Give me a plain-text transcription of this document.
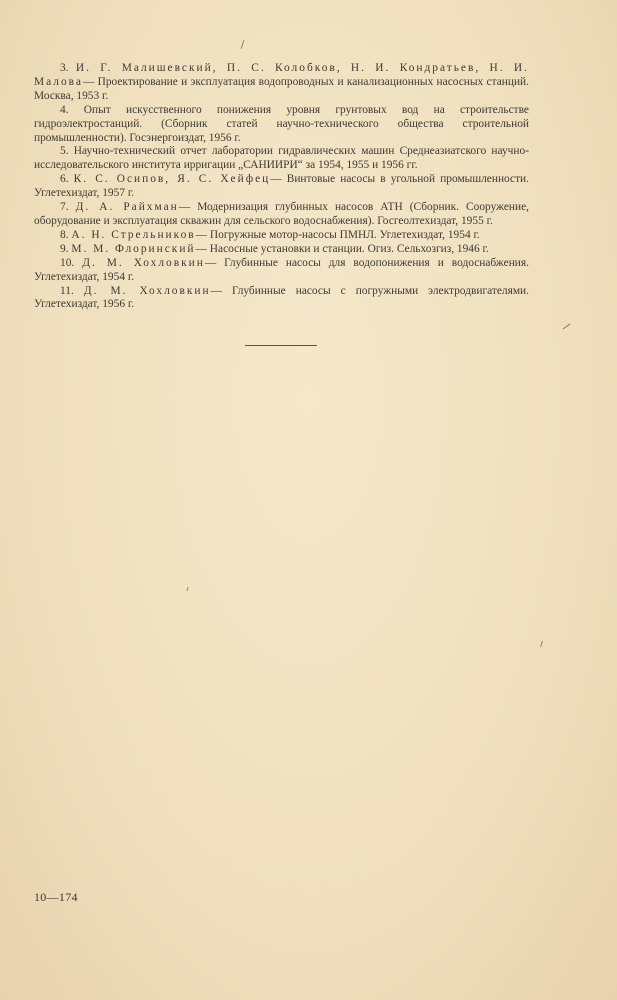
3. И. Г. Малишевский, П. С. Колобков, Н. И. Кондратьев, Н. И. Малова— Проектирование и эксплуатация водопроводных и канализационных насосных станций. Москва, 1953 г.

4. Опыт искусственного понижения уровня грунтовых вод на строительстве гидроэлектростанций. (Сборник статей научно-технического общества строительной промышленности). Госэнергоиздат, 1956 г.

5. Научно-технический отчет лаборатории гидравлических машин Среднеазиатского научно-исследовательского института ирригации „САНИИРИ“ за 1954, 1955 и 1956 гг.

6. К. С. Осипов, Я. С. Хейфец— Винтовые насосы в угольной промышленности. Углетехиздат, 1957 г.

7. Д. А. Райхман— Модернизация глубинных насосов АТН (Сборник. Сооружение, оборудование и эксплуатация скважин для сельского водоснабжения). Госгеолтехиздат, 1955 г.

8. А. Н. Стрельников— Погружные мотор-насосы ПМНЛ. Углетехиздат, 1954 г.

9. М. М. Флоринский— Насосные установки и станции. Огиз. Сельхозгиз, 1946 г.

10. Д. М. Хохловкин— Глубинные насосы для водопонижения и водоснабжения. Углетехиздат, 1954 г.

11. Д. М. Хохловкин— Глубинные насосы с погружными электродвигателями. Углетехиздат, 1956 г.

10—174
